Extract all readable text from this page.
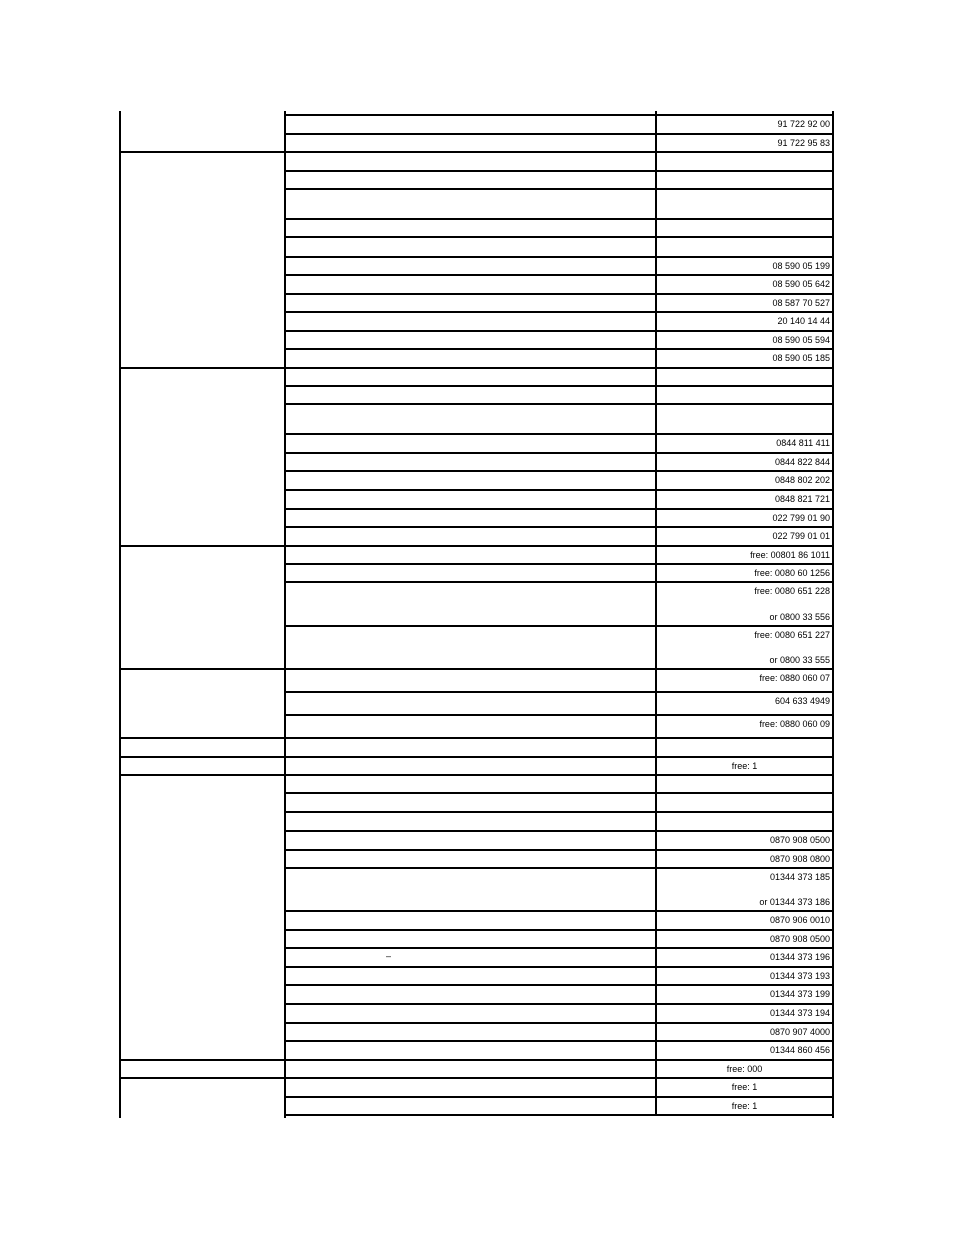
91 722 92 00
91 722 95 83
08 590 05 199
08 590 05 642
08 587 70 527
20 140 14 44
08 590 05 594
08 590 05 185
0844 811 411
0844 822 844
0848 802 202
0848 821 721
022 799 01 90
022 799 01 01
free: 00801 86 1011
free: 0080 60 1256
free: 0080 651 228
or 0800 33 556
free: 0080 651 227
or 0800 33 555
free: 0880 060 07
604 633 4949
free: 0880 060 09
free: 1
0870 908 0500
0870 908 0800
01344 373 185
or 01344 373 186
0870 906 0010
0870 908 0500
01344 373 196
–
01344 373 193
01344 373 199
01344 373 194
0870 907 4000
01344 860 456
free: 000
free: 1
free: 1
